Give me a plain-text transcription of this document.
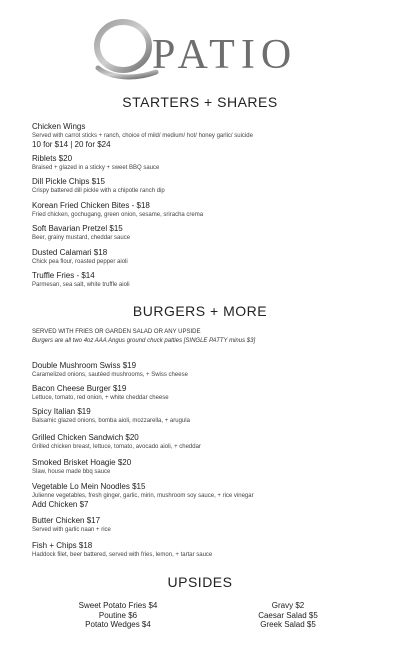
PATIO
STARTERS + SHARES
Chicken Wings
Served with carrot sticks + ranch, choice of mild/ medium/ hot/ honey garlic/ suicide
10 for $14 | 20 for $24
Riblets $20
Braised + glazed in a sticky + sweet BBQ sauce
Dill Pickle Chips $15
Crispy battered dill pickle with a chipotle ranch dip
Korean Fried Chicken Bites - $18
Fried chicken, gochugang, green onion, sesame, sriracha crema
Soft Bavarian Pretzel $15
Beer, grainy mustard, cheddar sauce
Dusted Calamari $18
Chick pea flour, roasted pepper aioli
Truffle Fries - $14
Parmesan, sea salt, white truffle aioli
BURGERS + MORE
SERVED WITH FRIES OR GARDEN SALAD OR ANY UPSIDE
Burgers are all two 4oz AAA Angus ground chuck patties [SINGLE PATTY minus $3]
Double Mushroom Swiss $19
Caramelized onions, sautéed mushrooms, + Swiss cheese
Bacon Cheese Burger $19
Lettuce, tomato, red onion, + white cheddar cheese
Spicy Italian $19
Balsamic glazed onions, bomba aioli, mozzarella, + arugula
Grilled Chicken Sandwich $20
Grilled chicken breast, lettuce, tomato, avocado aioli, + cheddar
Smoked Brisket Hoagie $20
Slaw, house made bbq sauce
Vegetable Lo Mein Noodles $15
Julienne vegetables, fresh ginger, garlic, mirin, mushroom soy sauce, + rice vinegar
Add Chicken $7
Butter Chicken $17
Served with garlic naan + rice
Fish + Chips $18
Haddock filet, beer battered, served with fries, lemon, + tartar sauce
UPSIDES
Sweet Potato Fries $4
Poutine $6
Potato Wedges $4
Gravy $2
Caesar Salad $5
Greek Salad $5
